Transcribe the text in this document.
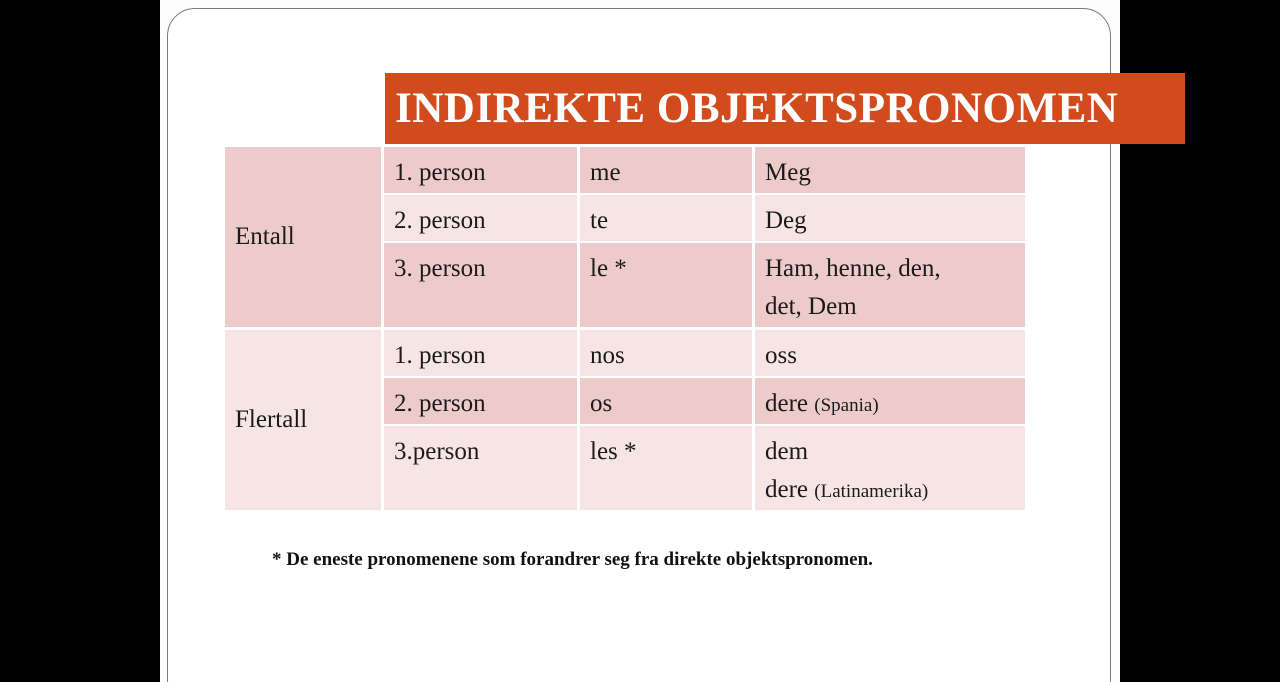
INDIREKTE OBJEKTSPRONOMEN
Entall
1. person	me	Meg
2. person	te	Deg
3. person	le *	Ham, henne, den,
det, Dem
Flertall
1. person	nos	oss
2. person	os	dere (Spania)
3.person	les *	dem
dere (Latinamerika)
* De eneste pronomenene som forandrer seg fra direkte objektspronomen.
